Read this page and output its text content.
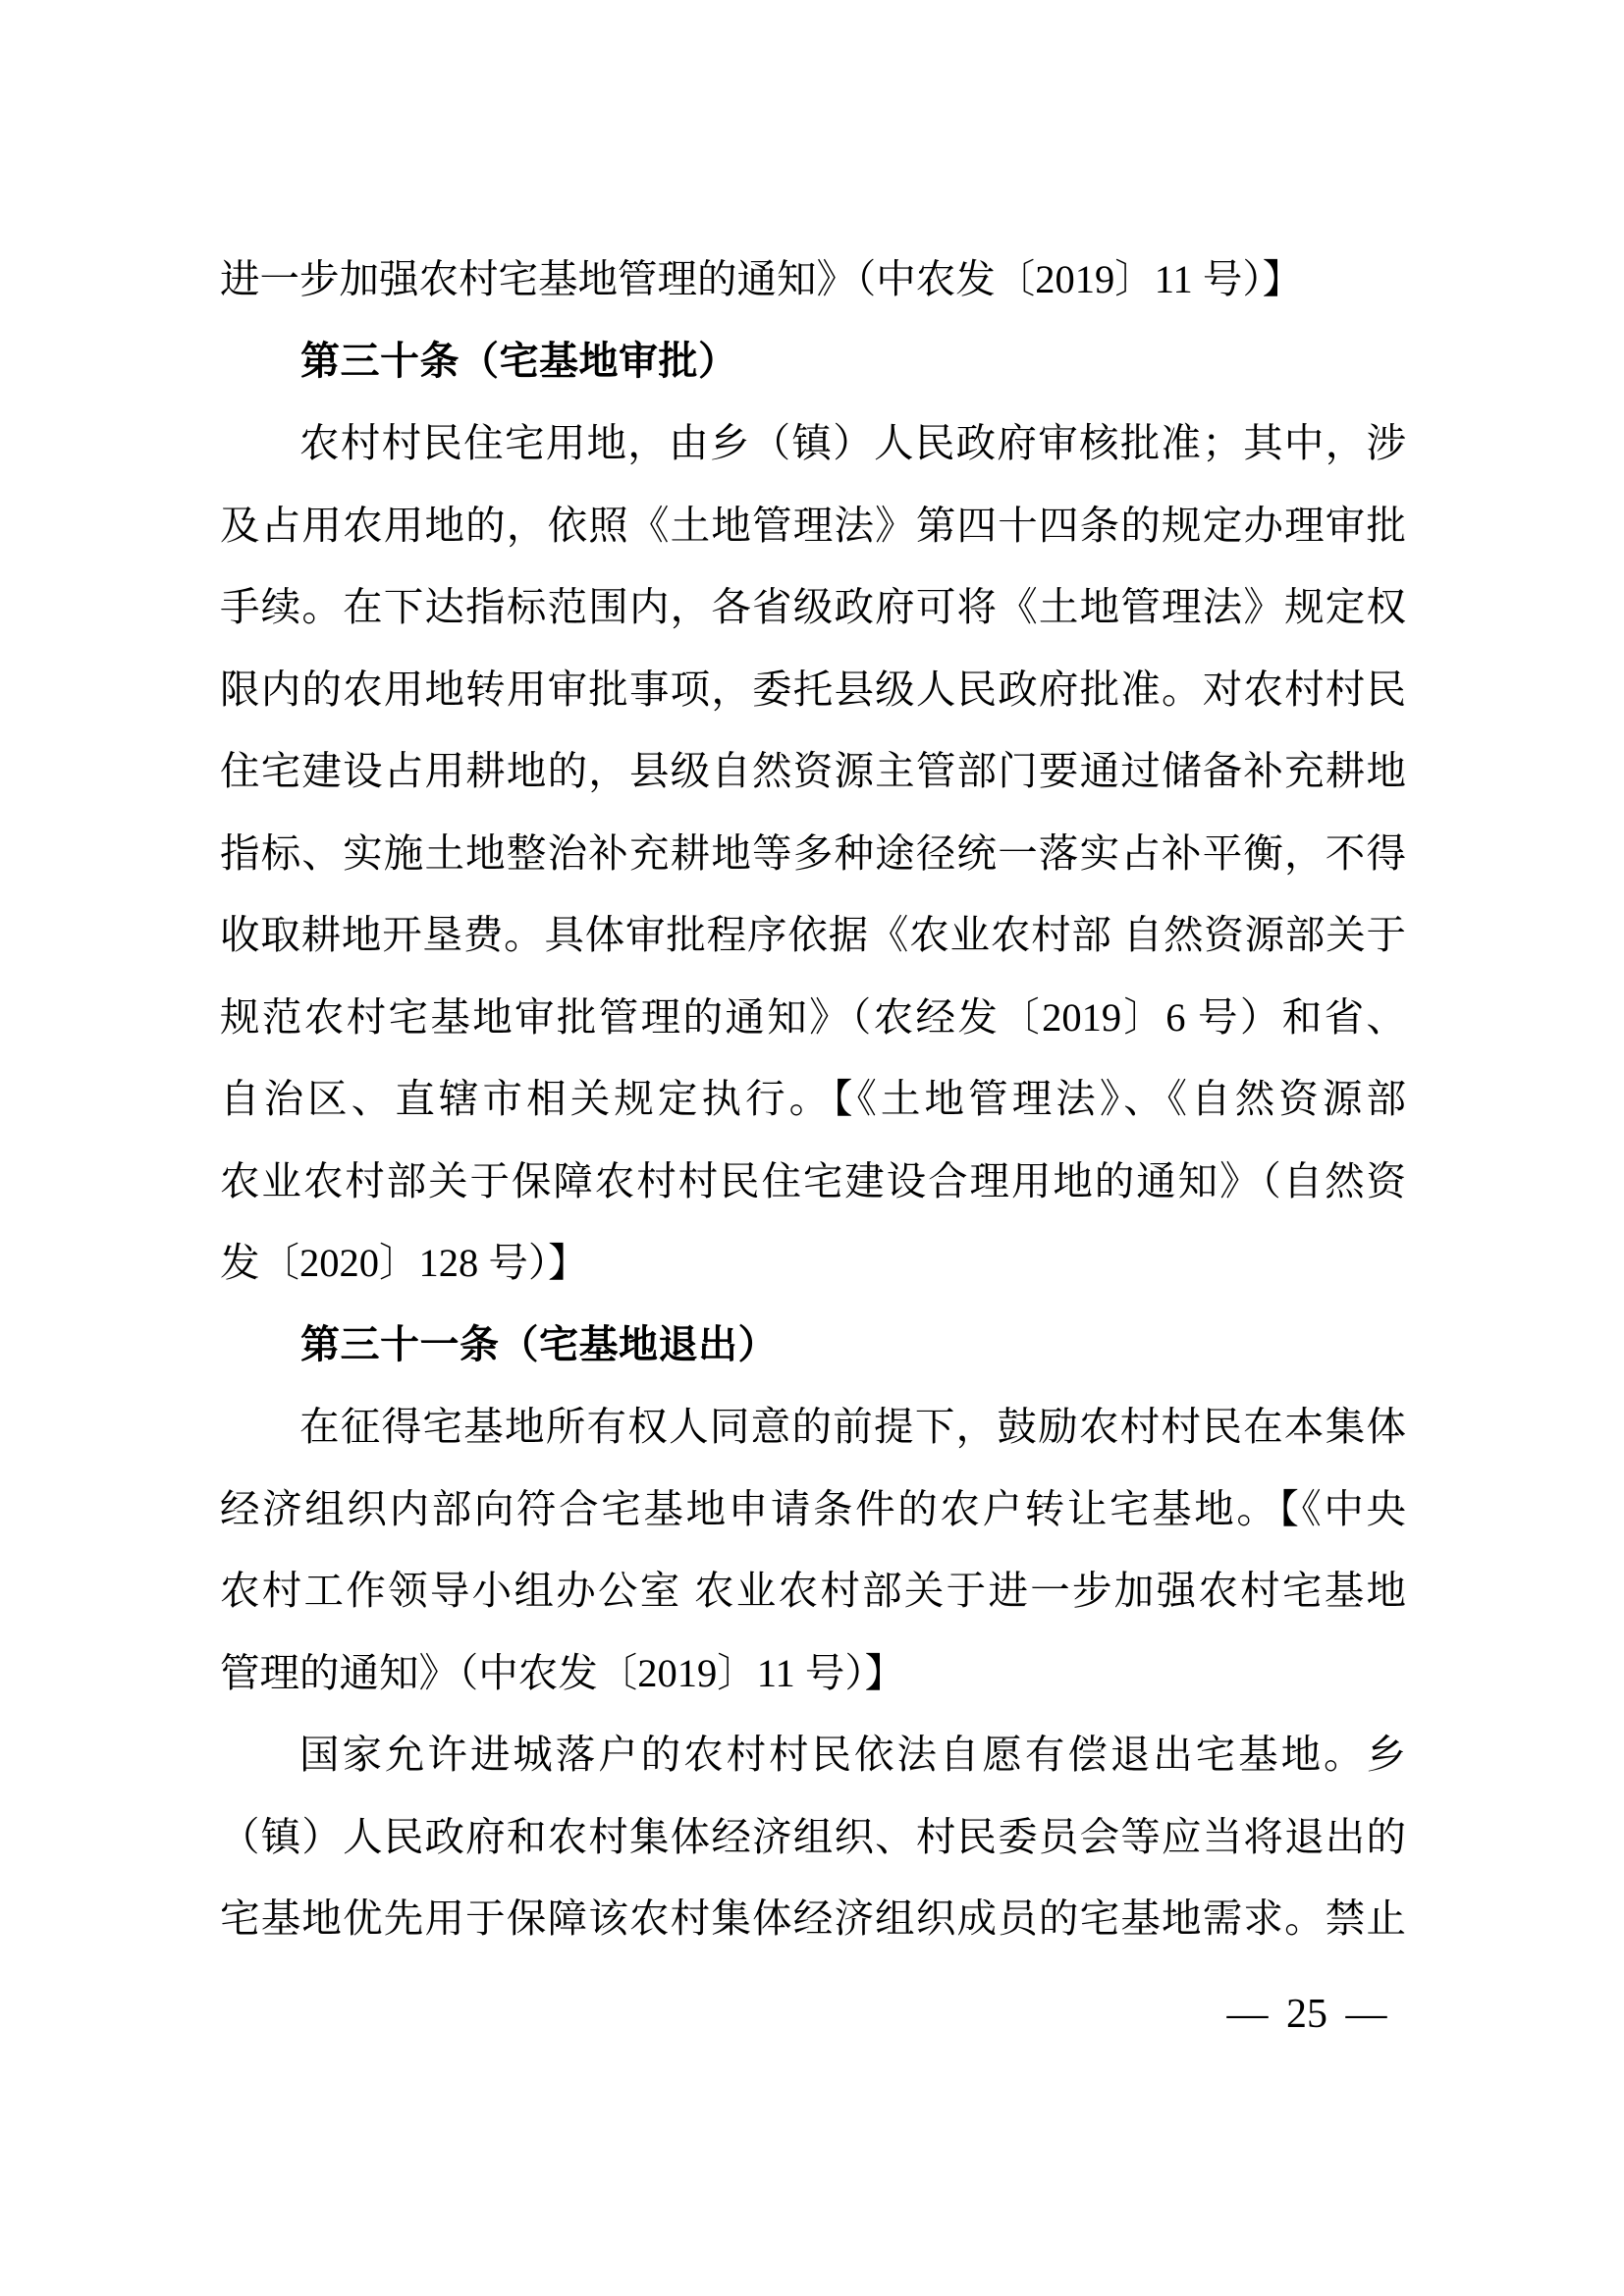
进一步加强农村宅基地管理的通知》（中农发〔2019〕11 号）】

第三十条（宅基地审批）

农村村民住宅用地，由乡（镇）人民政府审核批准；其中，涉

及占用农用地的，依照《土地管理法》第四十四条的规定办理审批

手续。在下达指标范围内，各省级政府可将《土地管理法》规定权

限内的农用地转用审批事项，委托县级人民政府批准。对农村村民

住宅建设占用耕地的，县级自然资源主管部门要通过储备补充耕地

指标、实施土地整治补充耕地等多种途径统一落实占补平衡，不得

收取耕地开垦费。具体审批程序依据《农业农村部 自然资源部关于

规范农村宅基地审批管理的通知》（农经发〔2019〕6 号）和省、

自治区、直辖市相关规定执行。【《土地管理法》、《自然资源部

农业农村部关于保障农村村民住宅建设合理用地的通知》（自然资

发〔2020〕128 号）】

第三十一条（宅基地退出）

在征得宅基地所有权人同意的前提下，鼓励农村村民在本集体

经济组织内部向符合宅基地申请条件的农户转让宅基地。【《中央

农村工作领导小组办公室 农业农村部关于进一步加强农村宅基地

管理的通知》（中农发〔2019〕11 号）】

国家允许进城落户的农村村民依法自愿有偿退出宅基地。乡

（镇）人民政府和农村集体经济组织、村民委员会等应当将退出的

宅基地优先用于保障该农村集体经济组织成员的宅基地需求。禁止

— 25 —
